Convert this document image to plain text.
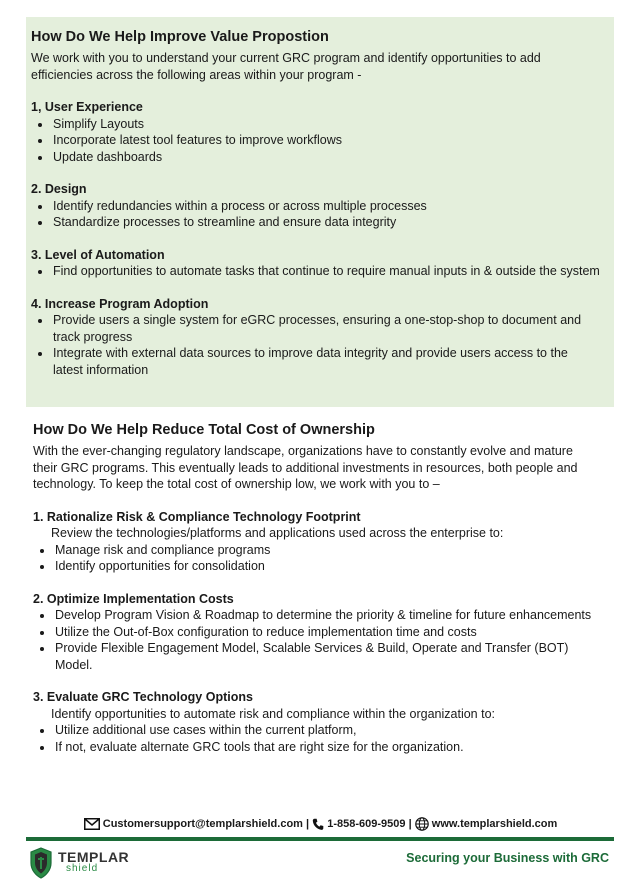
How Do We Help Improve Value Propostion

We work with you to understand your current GRC program and identify opportunities to add efficiencies across the following areas within your program -

1, User Experience
• Simplify Layouts
• Incorporate latest tool features to improve workflows
• Update dashboards
2. Design
• Identify redundancies within a process or across multiple processes
• Standardize processes to streamline and ensure data integrity
3. Level of Automation
• Find opportunities to automate tasks that continue to require manual inputs in & outside the system
4. Increase Program Adoption
• Provide users a single system for eGRC processes, ensuring a one-stop-shop to document and track progress
• Integrate with external data sources to improve data integrity and provide users access to the latest information
How Do We Help Reduce Total Cost of Ownership

With the ever-changing regulatory landscape, organizations have to constantly evolve and mature their GRC programs. This eventually leads to additional investments in resources, both people and technology. To keep the total cost of ownership low, we work with you to –

1. Rationalize Risk & Compliance Technology Footprint
Review the technologies/platforms and applications used across the enterprise to:
• Manage risk and compliance programs
• Identify opportunities for consolidation
2. Optimize Implementation Costs
• Develop Program Vision & Roadmap to determine the priority & timeline for future enhancements
• Utilize the Out-of-Box configuration to reduce implementation time and costs
• Provide Flexible Engagement Model, Scalable Services & Build, Operate and Transfer (BOT) Model.
3. Evaluate GRC Technology Options
Identify opportunities to automate risk and compliance within the organization to:
• Utilize additional use cases within the current platform,
• If not, evaluate alternate GRC tools that are right size for the organization.
Customersupport@templarshield.com | 1-858-609-9509 | www.templarshield.com
TEMPLAR
shield
Securing your Business with GRC
